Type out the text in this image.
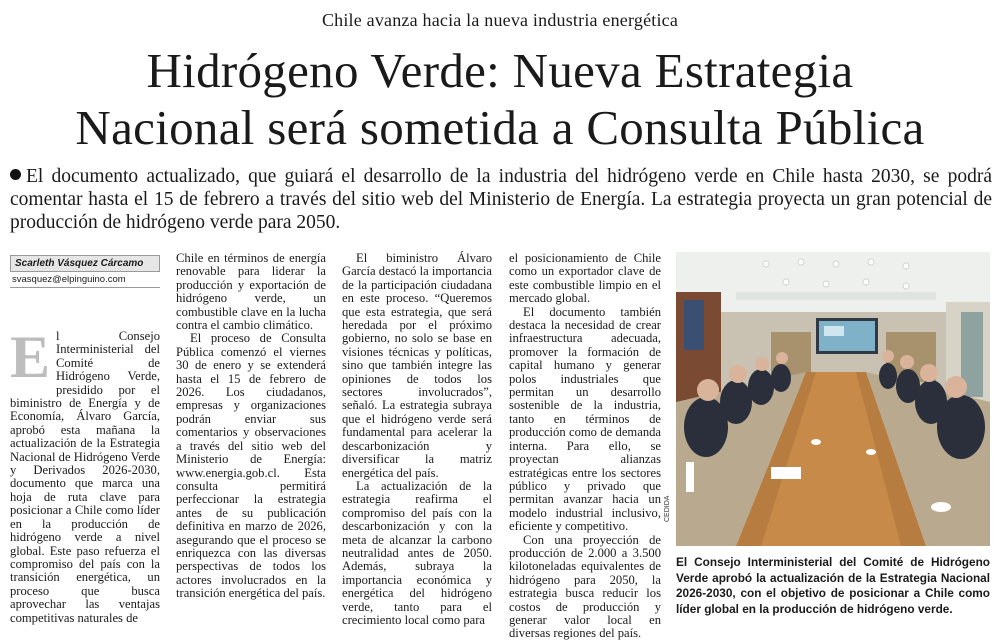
Chile avanza hacia la nueva industria energética
Hidrógeno Verde: Nueva Estrategia
Nacional será sometida a Consulta Pública
El documento actualizado, que guiará el desarrollo de la industria del hidrógeno verde en Chile hasta 2030, se podrá comentar hasta el 15 de febrero a través del sitio web del Ministerio de Energía. La estrategia proyecta un gran potencial de producción de hidrógeno verde para 2050.
Scarleth Vásquez Cárcamo
svasquez@elpinguino.com

El Consejo Interministerial del Comité de Hidrógeno Verde, presidido por el biministro de Energía y de Economía, Álvaro García, aprobó esta mañana la actualización de la Estrategia Nacional de Hidrógeno Verde y Derivados 2026-2030, documento que marca una hoja de ruta clave para posicionar a Chile como líder en la producción de hidrógeno verde a nivel global. Este paso refuerza el compromiso del país con la transición energética, un proceso que busca aprovechar las ventajas competitivas naturales de

Chile en términos de energía renovable para liderar la producción y exportación de hidrógeno verde, un combustible clave en la lucha contra el cambio climático.

El proceso de Consulta Pública comenzó el viernes 30 de enero y se extenderá hasta el 15 de febrero de 2026. Los ciudadanos, empresas y organizaciones podrán enviar sus comentarios y observaciones a través del sitio web del Ministerio de Energía: www.energia.gob.cl. Esta consulta permitirá perfeccionar la estrategia antes de su publicación definitiva en marzo de 2026, asegurando que el proceso se enriquezca con las diversas perspectivas de todos los actores involucrados en la transición energética del país.

El biministro Álvaro García destacó la importancia de la participación ciudadana en este proceso. “Queremos que esta estrategia, que será heredada por el próximo gobierno, no solo se base en visiones técnicas y políticas, sino que también integre las opiniones de todos los sectores involucrados”, señaló. La estrategia subraya que el hidrógeno verde será fundamental para acelerar la descarbonización y diversificar la matriz energética del país.

La actualización de la estrategia reafirma el compromiso del país con la descarbonización y con la meta de alcanzar la carbono neutralidad antes de 2050. Además, subraya la importancia económica y energética del hidrógeno verde, tanto para el crecimiento local como para

el posicionamiento de Chile como un exportador clave de este combustible limpio en el mercado global.

El documento también destaca la necesidad de crear infraestructura adecuada, promover la formación de capital humano y generar polos industriales que permitan un desarrollo sostenible de la industria, tanto en términos de producción como de demanda interna. Para ello, se proyectan alianzas estratégicas entre los sectores público y privado que permitan avanzar hacia un modelo industrial inclusivo, eficiente y competitivo.

Con una proyección de producción de 2.000 a 3.500 kilotoneladas equivalentes de hidrógeno para 2050, la estrategia busca reducir los costos de producción y generar valor local en diversas regiones del país.

CEDIDA
El Consejo Interministerial del Comité de Hidrógeno Verde aprobó la actualización de la Estrategia Nacional 2026-2030, con el objetivo de posicionar a Chile como líder global en la producción de hidrógeno verde.
